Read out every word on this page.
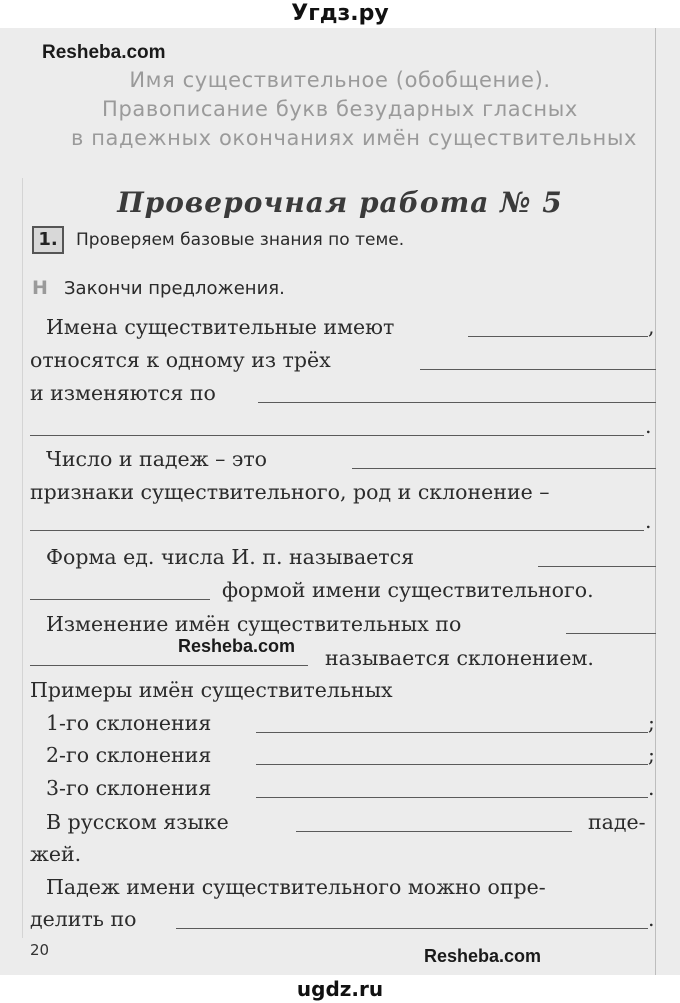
Угдз.ру
Resheba.com
Имя существительное (обобщение).
Правописание букв безударных гласных
в падежных окончаниях имён существительных
Проверочная работа № 5
1.	Проверяем базовые знания по теме.
Н Закончи предложения.
Имена существительные имеют	,
относятся к одному из трёх
и изменяются по
.
Число и падеж – это
признаки существительного, род и склонение –
.
Форма ед. числа И. п. называется
формой имени существительного.
Изменение имён существительных по
Resheba.com называется склонением.
Примеры имён существительных
1-го склонения	;
2-го склонения	;
3-го склонения	.
В русском языке	паде-
жей.
Падеж имени существительного можно опре-
делить по	.
20	Resheba.com
ugdz.ru
